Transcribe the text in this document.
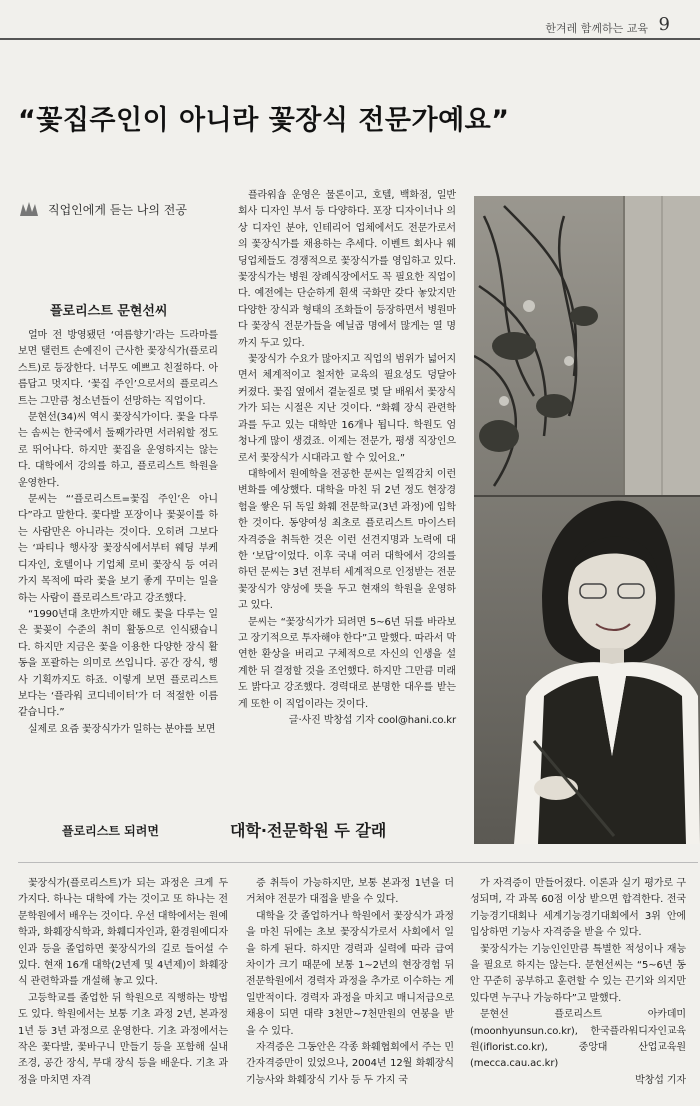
한겨레 함께하는 교육 9
“꽃집주인이 아니라 꽃장식 전문가예요”
직업인에게 듣는 나의 전공
플로리스트 문현선씨

얼마 전 방영됐던 ‘여름향기’라는 드라마를 보면 탤런트 손예진이 근사한 꽃장식가(플로리스트)로 등장한다. 너무도 예쁘고 친절하다. 아름답고 멋지다. ‘꽃집 주인’으로서의 플로리스트는 그만큼 청소년들이 선망하는 직업이다.

문현선(34)씨 역시 꽃장식가이다. 꽃을 다루는 솜씨는 한국에서 둘째가라면 서러워할 정도로 뛰어나다. 하지만 꽃집을 운영하지는 않는다. 대학에서 강의를 하고, 플로리스트 학원을 운영한다.

문씨는 “‘플로리스트=꽃집 주인’은 아니다”라고 말한다. 꽃다발 포장이나 꽃꽂이를 하는 사람만은 아니라는 것이다. 오히려 그보다는 ‘파티나 행사장 꽃장식에서부터 웨딩 부케 디자인, 호텔이나 기업체 로비 꽃장식 등 여러 가지 목적에 따라 꽃을 보기 좋게 꾸미는 일을 하는 사람이 플로리스트’라고 강조했다.

“1990년대 초반까지만 해도 꽃을 다루는 일은 꽃꽂이 수준의 취미 활동으로 인식됐습니다. 하지만 지금은 꽃을 이용한 다양한 장식 활동을 포괄하는 의미로 쓰입니다. 공간 장식, 행사 기획까지도 하죠. 이렇게 보면 플로리스트보다는 ‘플라워 코디네이터’가 더 적절한 이름 같습니다.”

실제로 요즘 꽃장식가가 일하는 분야를 보면

플라워숍 운영은 물론이고, 호텔, 백화점, 일반 회사 디자인 부서 등 다양하다. 포장 디자이너나 의상 디자인 분야, 인테리어 업체에서도 전문가로서의 꽃장식가를 채용하는 추세다. 이벤트 회사나 웨딩업체들도 경쟁적으로 꽃장식가를 영입하고 있다. 꽃장식가는 병원 장례식장에서도 꼭 필요한 직업이다. 예전에는 단순하게 흰색 국화만 갖다 놓았지만 다양한 장식과 형태의 조화들이 등장하면서 병원마다 꽃장식 전문가들을 예닐곱 명에서 많게는 열 명까지 두고 있다.

꽃장식가 수요가 많아지고 직업의 범위가 넓어지면서 체계적이고 철저한 교육의 필요성도 덩달아 커졌다. 꽃집 옆에서 곁눈질로 몇 달 배워서 꽃장식가가 되는 시절은 지난 것이다. “화훼 장식 관련학과를 두고 있는 대학만 16개나 됩니다. 학원도 엄청나게 많이 생겼죠. 이제는 전문가, 평생 직장인으로서 꽃장식가 시대라고 할 수 있어요.”

대학에서 원예학을 전공한 문씨는 일찍감치 이런 변화를 예상했다. 대학을 마친 뒤 2년 정도 현장경험을 쌓은 뒤 독일 화훼 전문학교(3년 과정)에 입학한 것이다. 동양여성 최초로 플로리스트 마이스터 자격증을 취득한 것은 이런 선견지명과 노력에 대한 ‘보답’이었다. 이후 국내 여러 대학에서 강의를 하던 문씨는 3년 전부터 세계적으로 인정받는 전문 꽃장식가 양성에 뜻을 두고 현재의 학원을 운영하고 있다.

문씨는 “꽃장식가가 되려면 5~6년 뒤를 바라보고 장기적으로 투자해야 한다”고 말했다. 따라서 막연한 환상을 버리고 구체적으로 자신의 인생을 설계한 뒤 결정할 것을 조언했다. 하지만 그만큼 미래도 밝다고 강조했다. 경력대로 분명한 대우를 받는 게 또한 이 직업이라는 것이다.

글·사진 박창섭 기자 cool@hani.co.kr

플로리스트 되려면	대학·전문학원 두 갈래

꽃장식가(플로리스트)가 되는 과정은 크게 두 가지다. 하나는 대학에 가는 것이고 또 하나는 전문학원에서 배우는 것이다. 우선 대학에서는 원예학과, 화훼장식학과, 화훼디자인과, 환경원예디자인과 등을 졸업하면 꽃장식가의 길로 들어설 수 있다. 현재 16개 대학(2년제 및 4년제)이 화훼장식 관련학과를 개설해 놓고 있다.

고등학교를 졸업한 뒤 학원으로 직행하는 방법도 있다. 학원에서는 보통 기초 과정 2년, 본과정 1년 등 3년 과정으로 운영한다. 기초 과정에서는 작은 꽃다발, 꽃바구니 만들기 등을 포함해 실내 조경, 공간 장식, 무대 장식 등을 배운다. 기초 과정을 마치면 자격

증 취득이 가능하지만, 보통 본과정 1년을 더 거쳐야 전문가 대접을 받을 수 있다.

대학을 갓 졸업하거나 학원에서 꽃장식가 과정을 마친 뒤에는 초보 꽃장식가로서 사회에서 일을 하게 된다. 하지만 경력과 실력에 따라 급여 차이가 크기 때문에 보통 1~2년의 현장경험 뒤 전문학원에서 경력자 과정을 추가로 이수하는 게 일반적이다. 경력자 과정을 마치고 매니저급으로 채용이 되면 대략 3천만~7천만원의 연봉을 받을 수 있다.

자격증은 그동안은 각종 화훼협회에서 주는 민간자격증만이 있었으나, 2004년 12월 화훼장식 기능사와 화훼장식 기사 등 두 가지 국

가 자격증이 만들어졌다. 이론과 실기 평가로 구성되며, 각 과목 60점 이상 받으면 합격한다. 전국기능경기대회나 세계기능경기대회에서 3위 안에 입상하면 기능사 자격증을 받을 수 있다.

꽃장식가는 기능인인만큼 특별한 적성이나 재능을 필요로 하지는 않는다. 문현선씨는 “5~6년 동안 꾸준히 공부하고 훈련할 수 있는 끈기와 의지만 있다면 누구나 가능하다”고 말했다.

문현선 플로리스트 아카데미(moonhyunsun.co.kr), 한국플라워디자인교육원(iflorist.co.kr), 중앙대 산업교육원(mecca.cau.ac.kr)

박창섭 기자
